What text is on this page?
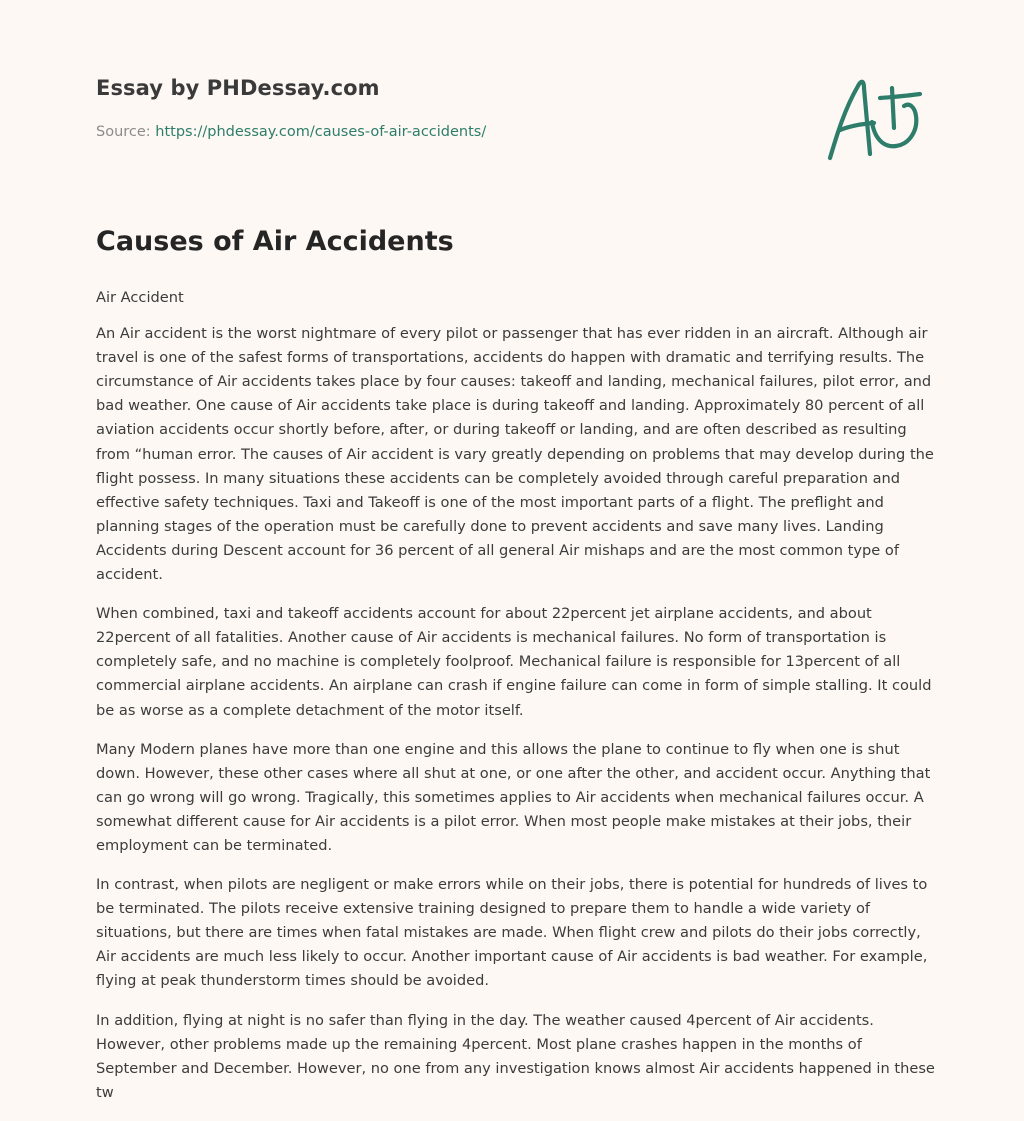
Essay by PHDessay.com
Source: https://phdessay.com/causes-of-air-accidents/
Causes of Air Accidents

Air Accident

An Air accident is the worst nightmare of every pilot or passenger that has ever ridden in an aircraft. Although air travel is one of the safest forms of transportations, accidents do happen with dramatic and terrifying results. The circumstance of Air accidents takes place by four causes: takeoff and landing, mechanical failures, pilot error, and bad weather. One cause of Air accidents take place is during takeoff and landing. Approximately 80 percent of all aviation accidents occur shortly before, after, or during takeoff or landing, and are often described as resulting from “human error. The causes of Air accident is vary greatly depending on problems that may develop during the flight possess. In many situations these accidents can be completely avoided through careful preparation and effective safety techniques. Taxi and Takeoff is one of the most important parts of a flight. The preflight and planning stages of the operation must be carefully done to prevent accidents and save many lives. Landing Accidents during Descent account for 36 percent of all general Air mishaps and are the most common type of accident.

When combined, taxi and takeoff accidents account for about 22percent jet airplane accidents, and about 22percent of all fatalities. Another cause of Air accidents is mechanical failures. No form of transportation is completely safe, and no machine is completely foolproof. Mechanical failure is responsible for 13percent of all commercial airplane accidents. An airplane can crash if engine failure can come in form of simple stalling. It could be as worse as a complete detachment of the motor itself.

Many Modern planes have more than one engine and this allows the plane to continue to fly when one is shut down. However, these other cases where all shut at one, or one after the other, and accident occur. Anything that can go wrong will go wrong. Tragically, this sometimes applies to Air accidents when mechanical failures occur. A somewhat different cause for Air accidents is a pilot error. When most people make mistakes at their jobs, their employment can be terminated.

In contrast, when pilots are negligent or make errors while on their jobs, there is potential for hundreds of lives to be terminated. The pilots receive extensive training designed to prepare them to handle a wide variety of situations, but there are times when fatal mistakes are made. When flight crew and pilots do their jobs correctly, Air accidents are much less likely to occur. Another important cause of Air accidents is bad weather. For example, flying at peak thunderstorm times should be avoided.

In addition, flying at night is no safer than flying in the day. The weather caused 4percent of Air accidents. However, other problems made up the remaining 4percent. Most plane crashes happen in the months of September and December. However, no one from any investigation knows almost Air accidents happened in these tw
